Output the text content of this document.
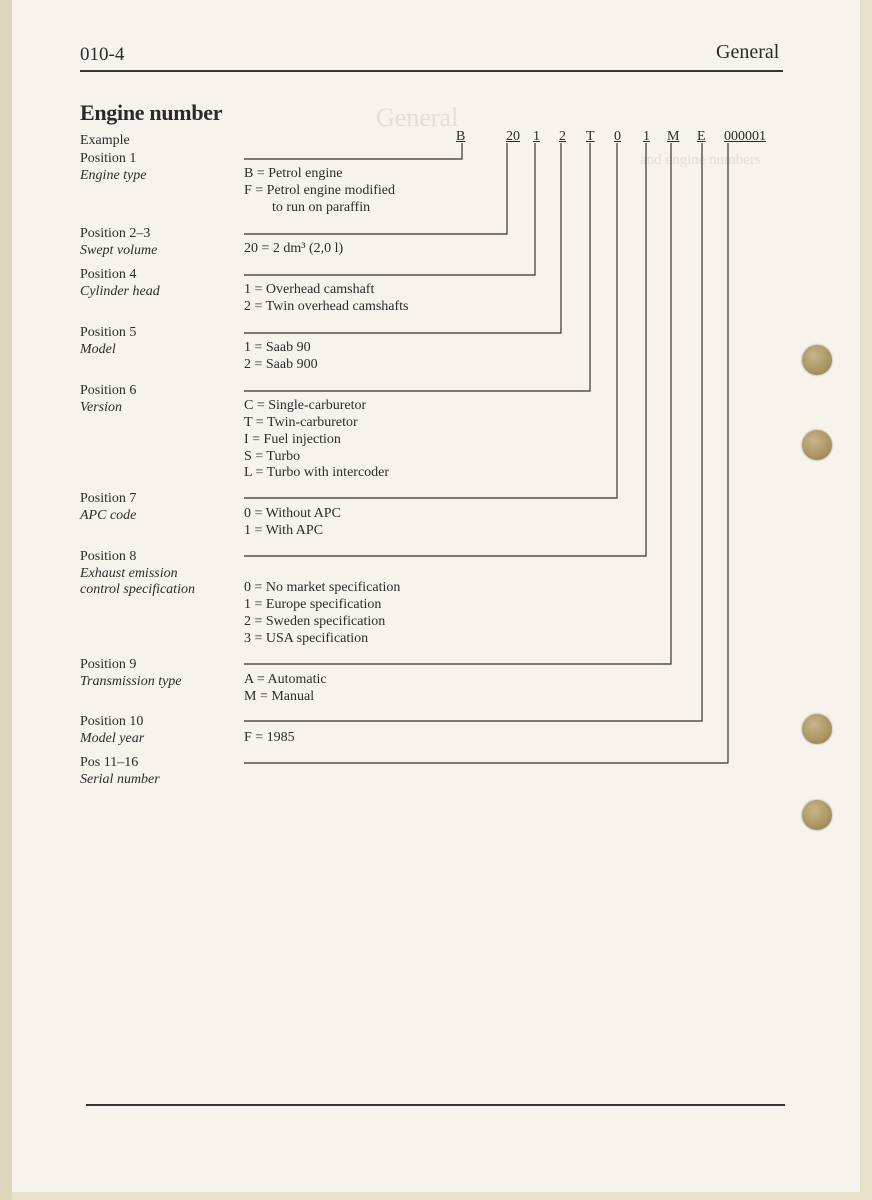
General
and engine numbers
010-4	General
Engine number
Example	B	20 1 2 T 0 1 M E 000001
Position 1
Engine type	B = Petrol engine
F = Petrol engine modified
to run on paraffin
Position 2–3
Swept volume	20 = 2 dm³ (2,0 l)
Position 4
Cylinder head	1 = Overhead camshaft
2 = Twin overhead camshafts
Position 5
Model	1 = Saab 90
2 = Saab 900
Position 6
Version	C = Single-carburetor
T = Twin-carburetor
I = Fuel injection
S = Turbo
L = Turbo with intercoder
Position 7
APC code	0 = Without APC
1 = With APC
Position 8
Exhaust emission
control specification	0 = No market specification
1 = Europe specification
2 = Sweden specification
3 = USA specification
Position 9
Transmission type	A = Automatic
M = Manual
Position 10
Model year	F = 1985
Pos 11–16
Serial number
